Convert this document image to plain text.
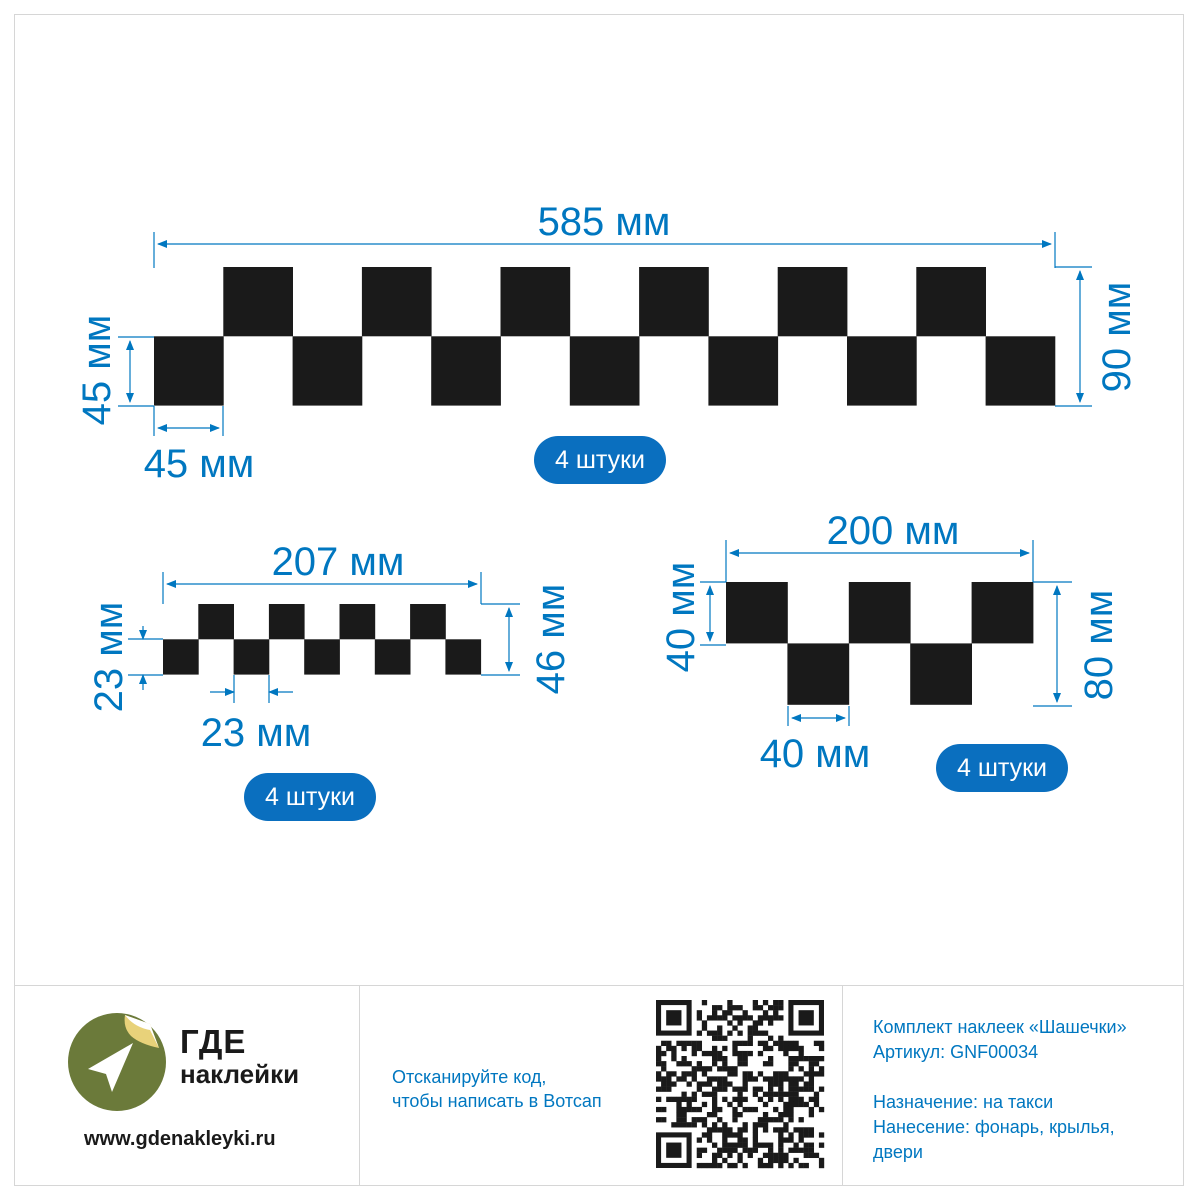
585 мм
90 мм
45 мм
45 мм
207 мм
46 мм
23 мм
23 мм
200 мм
80 мм
40 мм
40 мм
4 штуки
4 штуки
4 штуки
ГДЕ
наклейки
www.gdenakleyki.ru
Отсканируйте код,
чтобы написать в Вотсап
Комплект наклеек «Шашечки»
Артикул: GNF00034
Назначение: на такси
Нанесение: фонарь, крылья,
двери
